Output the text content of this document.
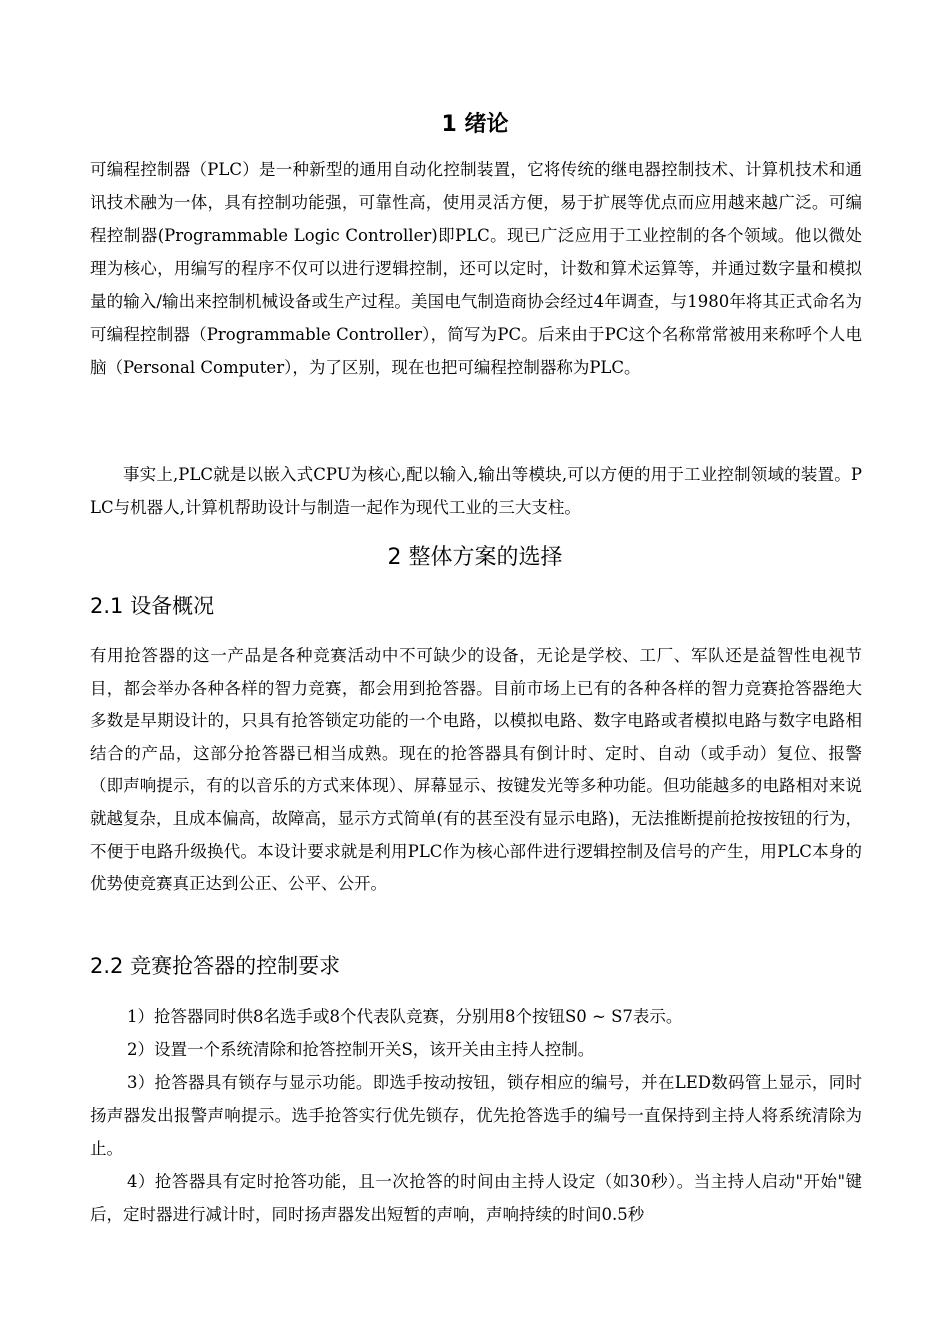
1 绪论

可编程控制器（PLC）是一种新型的通用自动化控制装置，它将传统的继电器控制技术、计算机技术和通讯技术融为一体，具有控制功能强，可靠性高，使用灵活方便，易于扩展等优点而应用越来越广泛。可编程控制器(Programmable Logic Controller)即PLC。现已广泛应用于工业控制的各个领域。他以微处理为核心，用编写的程序不仅可以进行逻辑控制，还可以定时，计数和算术运算等，并通过数字量和模拟量的输入/输出来控制机械设备或生产过程。美国电气制造商协会经过4年调查，与1980年将其正式命名为可编程控制器（Programmable Controller），简写为PC。后来由于PC这个名称常常被用来称呼个人电脑（Personal Computer），为了区别，现在也把可编程控制器称为PLC。

事实上,PLC就是以嵌入式CPU为核心,配以输入,输出等模块,可以方便的用于工业控制领域的装置。PLC与机器人,计算机帮助设计与制造一起作为现代工业的三大支柱。

2 整体方案的选择
2.1 设备概况

有用抢答器的这一产品是各种竞赛活动中不可缺少的设备，无论是学校、工厂、军队还是益智性电视节目，都会举办各种各样的智力竞赛，都会用到抢答器。目前市场上已有的各种各样的智力竞赛抢答器绝大多数是早期设计的，只具有抢答锁定功能的一个电路，以模拟电路、数字电路或者模拟电路与数字电路相结合的产品，这部分抢答器已相当成熟。现在的抢答器具有倒计时、定时、自动（或手动）复位、报警（即声响提示，有的以音乐的方式来体现）、屏幕显示、按键发光等多种功能。但功能越多的电路相对来说就越复杂，且成本偏高，故障高，显示方式简单(有的甚至没有显示电路)，无法推断提前抢按按钮的行为，不便于电路升级换代。本设计要求就是利用PLC作为核心部件进行逻辑控制及信号的产生，用PLC本身的优势使竞赛真正达到公正、公平、公开。

2.2 竞赛抢答器的控制要求

1）抢答器同时供8名选手或8个代表队竞赛，分别用8个按钮S0 ~ S7表示。

2）设置一个系统清除和抢答控制开关S，该开关由主持人控制。

3）抢答器具有锁存与显示功能。即选手按动按钮，锁存相应的编号，并在LED数码管上显示，同时扬声器发出报警声响提示。选手抢答实行优先锁存，优先抢答选手的编号一直保持到主持人将系统清除为止。

4）抢答器具有定时抢答功能，且一次抢答的时间由主持人设定（如30秒）。当主持人启动"开始"键后，定时器进行减计时，同时扬声器发出短暂的声响，声响持续的时间0.5秒
